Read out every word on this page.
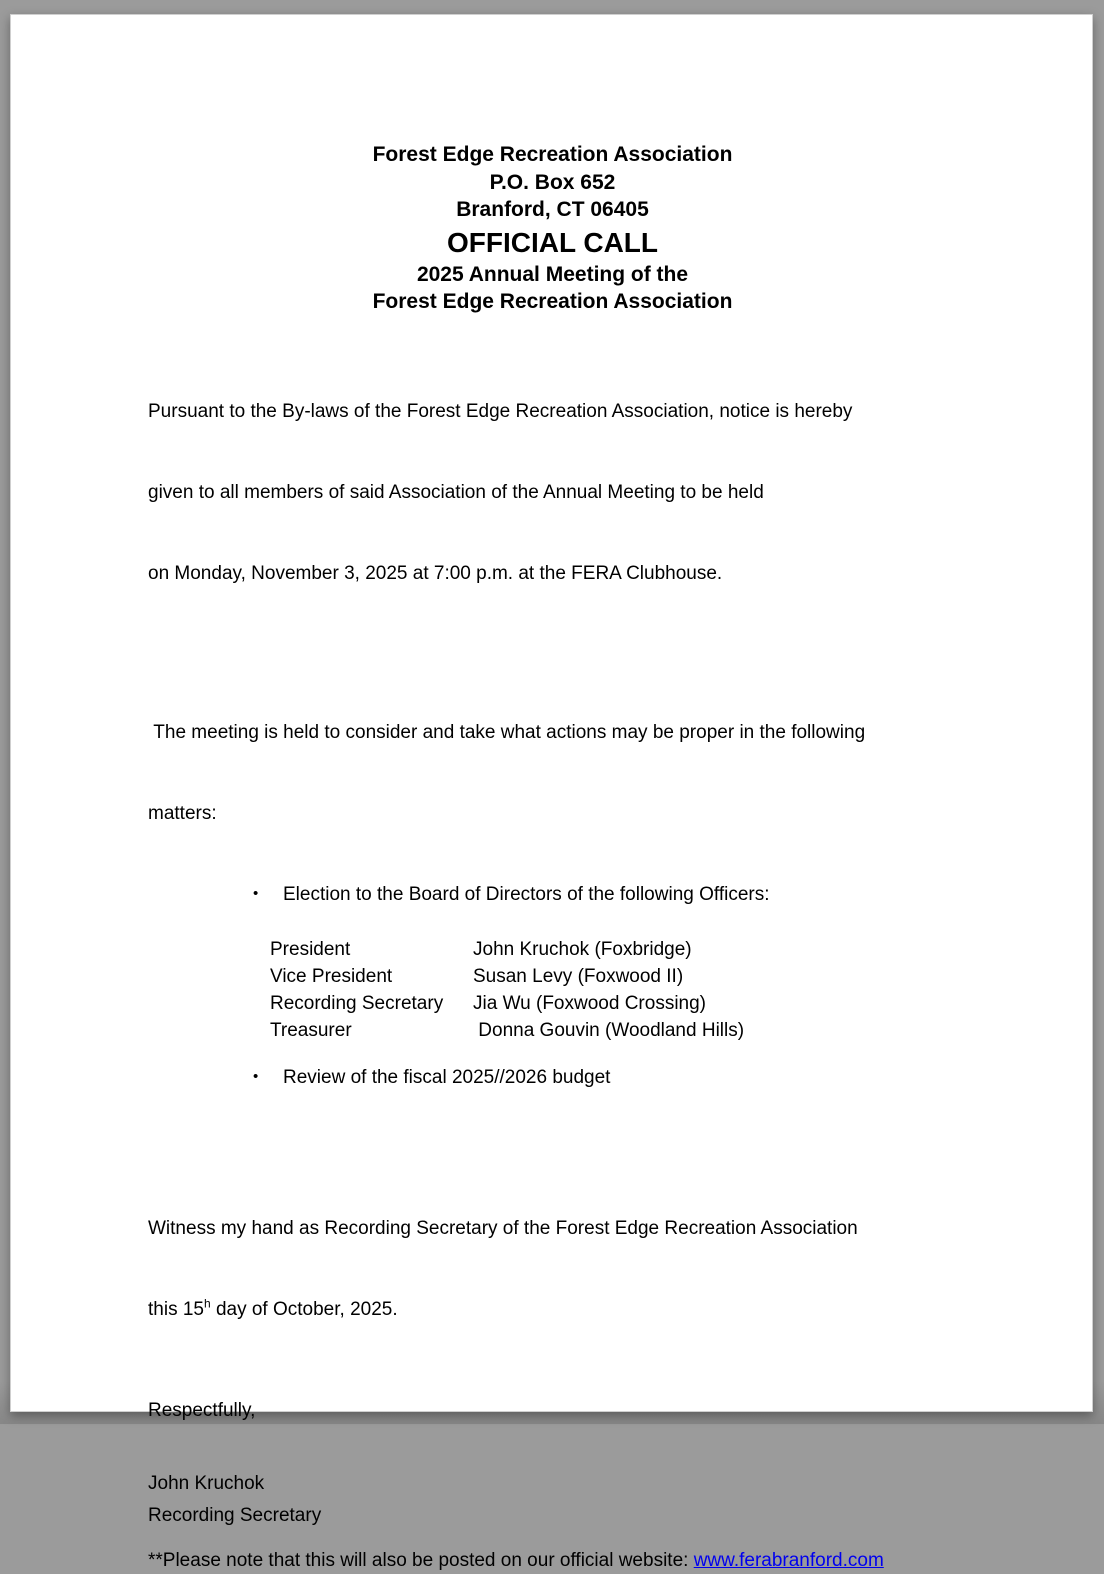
Forest Edge Recreation Association
P.O. Box 652
Branford, CT 06405
OFFICIAL CALL
2025 Annual Meeting of the
Forest Edge Recreation Association

Pursuant to the By-laws of the Forest Edge Recreation Association, notice is hereby

given to all members of said Association of the Annual Meeting to be held

on Monday, November 3, 2025 at 7:00 p.m. at the FERA Clubhouse.

The meeting is held to consider and take what actions may be proper in the following

matters:

• Election to the Board of Directors of the following Officers:
President	John Kruchok (Foxbridge)
Vice President	Susan Levy (Foxwood II)
Recording Secretary	Jia Wu (Foxwood Crossing)
Treasurer	Donna Gouvin (Woodland Hills)
• Review of the fiscal 2025//2026 budget

Witness my hand as Recording Secretary of the Forest Edge Recreation Association

this 15$^h$ day of October, 2025.

Respectfully,
John Kruchok
Recording Secretary

**Please note that this will also be posted on our official website: www.ferabranford.com
